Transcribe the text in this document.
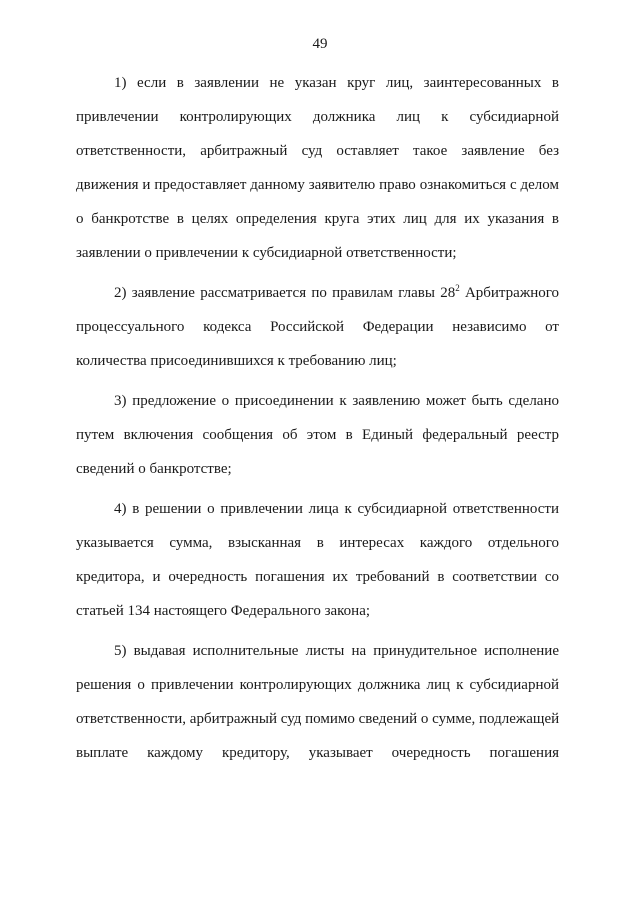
49
1) если в заявлении не указан круг лиц, заинтересованных в
привлечении контролирующих должника лиц к субсидиарной
ответственности, арбитражный суд оставляет такое заявление без
движения и предоставляет данному заявителю право ознакомиться с делом
о банкротстве в целях определения круга этих лиц для их указания в
заявлении о привлечении к субсидиарной ответственности;
2) заявление рассматривается по правилам главы $28^2$ Арбитражного
процессуального кодекса Российской Федерации независимо от
количества присоединившихся к требованию лиц;
3) предложение о присоединении к заявлению может быть сделано
путем включения сообщения об этом в Единый федеральный реестр
сведений о банкротстве;
4) в решении о привлечении лица к субсидиарной ответственности
указывается сумма, взысканная в интересах каждого отдельного
кредитора, и очередность погашения их требований в соответствии со
статьей 134 настоящего Федерального закона;
5) выдавая исполнительные листы на принудительное исполнение
решения о привлечении контролирующих должника лиц к субсидиарной
ответственности, арбитражный суд помимо сведений о сумме, подлежащей
выплате каждому кредитору, указывает очередность погашения
